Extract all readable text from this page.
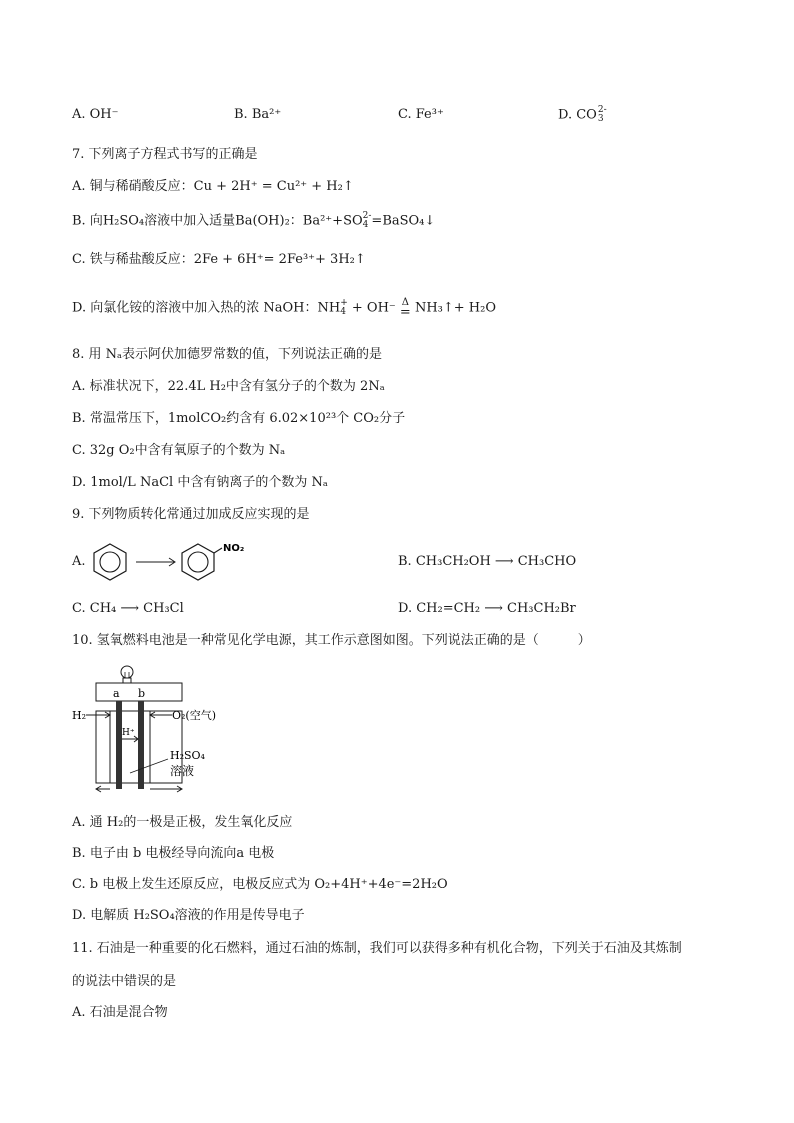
A. OH⁻	B. Ba²⁺	C. Fe³⁺	D. CO 2-
3
7. 下列离子方程式书写的正确是
A. 铜与稀硝酸反应：Cu + 2H⁺ = Cu²⁺ + H₂↑
B. 向H₂SO₄溶液中加入适量Ba(OH)₂：Ba²⁺+SO 2-
4 =BaSO₄↓
C. 铁与稀盐酸反应：2Fe + 6H⁺= 2Fe³⁺+ 3H₂↑
D. 向氯化铵的溶液中加入热的浓 NaOH：NH +
4 + OH⁻ Δ
= NH₃↑+ H₂O
8. 用 Nₐ表示阿伏加德罗常数的值，下列说法正确的是
A. 标准状况下，22.4L H₂中含有氢分子的个数为 2Nₐ
B. 常温常压下，1molCO₂约含有 6.02×10²³个 CO₂分子
C. 32g O₂中含有氧原子的个数为 Nₐ
D. 1mol/L NaCl 中含有钠离子的个数为 Nₐ
9. 下列物质转化常通过加成反应实现的是
A.
NO₂
B. CH₃CH₂OH ⟶ CH₃CHO
C. CH₄ ⟶ CH₃Cl	D. CH₂=CH₂ ⟶ CH₃CH₂Br
10. 氢氧燃料电池是一种常见化学电源，其工作示意图如图。下列说法正确的是（　　　）
a b
H₂	O₂(空气)
H⁺
H₂SO₄
溶液
A. 通 H₂的一极是正极，发生氧化反应
B. 电子由 b 电极经导向流向a 电极
C. b 电极上发生还原反应，电极反应式为 O₂+4H⁺+4e⁻=2H₂O
D. 电解质 H₂SO₄溶液的作用是传导电子
11. 石油是一种重要的化石燃料，通过石油的炼制，我们可以获得多种有机化合物，下列关于石油及其炼制
的说法中错误的是
A. 石油是混合物
